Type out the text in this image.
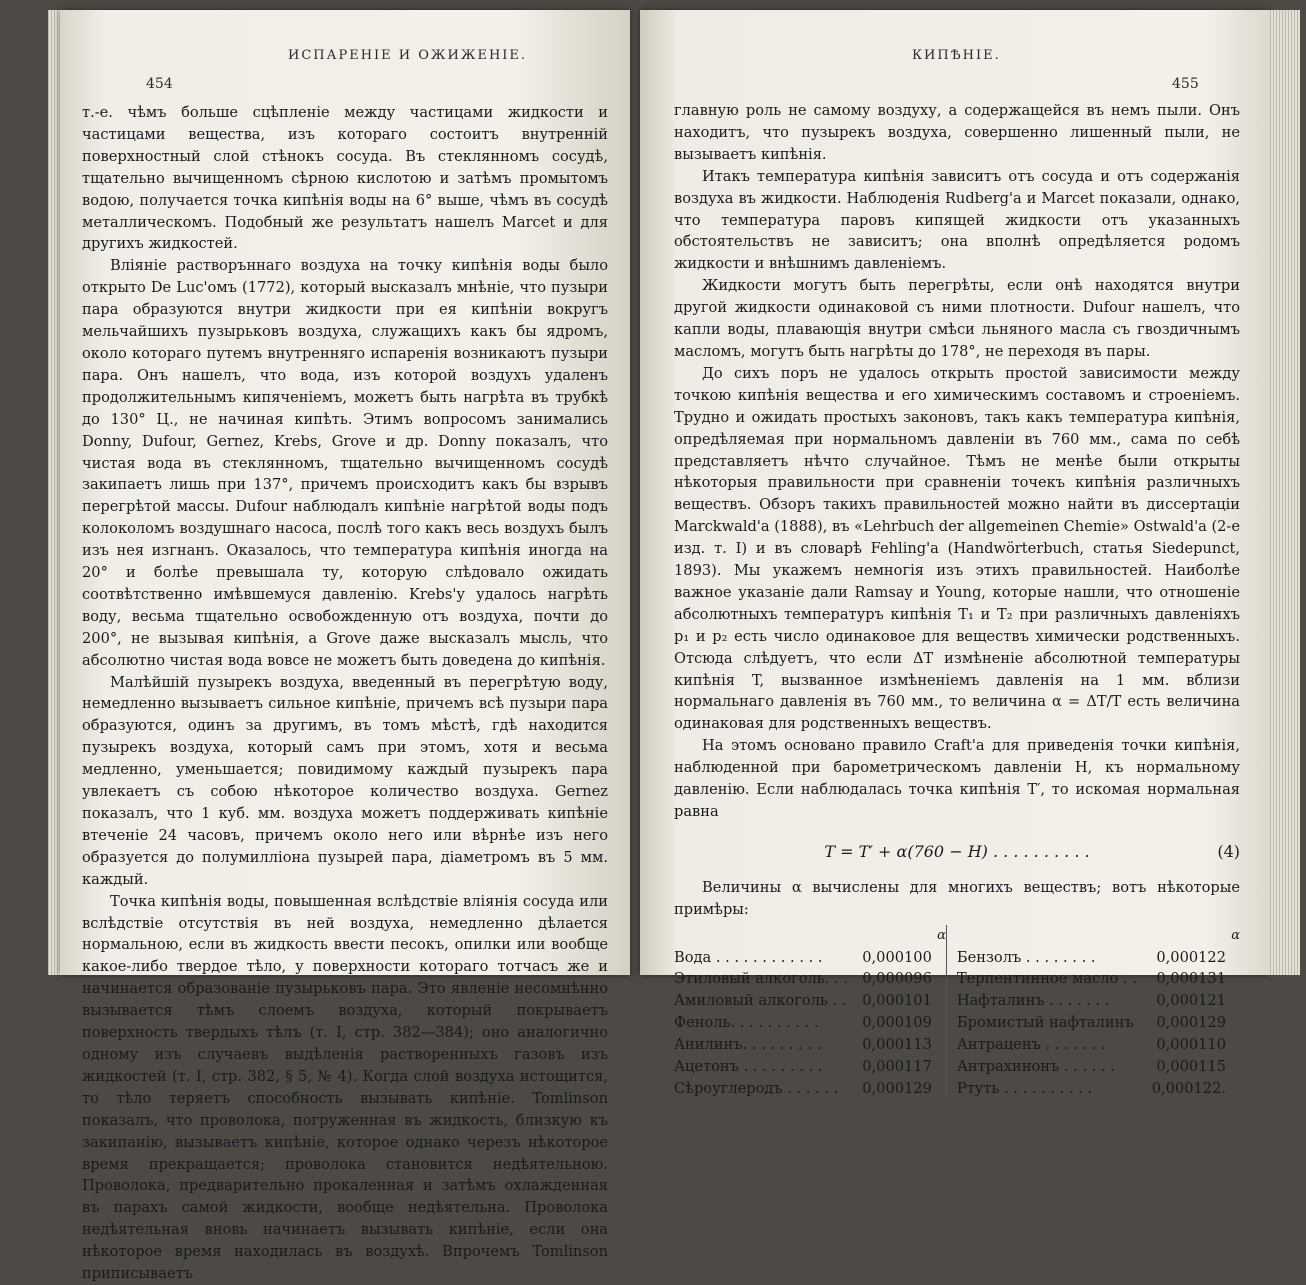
ИСПАРЕНІЕ И ОЖИЖЕНІЕ.
454

т.-е. чѣмъ больше сцѣпленіе между частицами жидкости и частицами вещества, изъ котораго состоитъ внутренній поверхностный слой стѣнокъ сосуда. Въ стеклянномъ сосудѣ, тщательно вычищенномъ сѣрною кислотою и затѣмъ промытомъ водою, получается точка кипѣнія воды на 6° выше, чѣмъ въ сосудѣ металлическомъ. Подобный же результатъ нашелъ Marcet и для другихъ жидкостей.

Вліяніе растворъннаго воздуха на точку кипѣнія воды было открыто De Luc'омъ (1772), который высказалъ мнѣніе, что пузыри пара образуются внутри жидкости при ея кипѣніи вокругъ мельчайшихъ пузырьковъ воздуха, служащихъ какъ бы ядромъ, около котораго путемъ внутренняго испаренія возникаютъ пузыри пара. Онъ нашелъ, что вода, изъ которой воздухъ удаленъ продолжительнымъ кипяченіемъ, можетъ быть нагрѣта въ трубкѣ до 130° Ц., не начиная кипѣть. Этимъ вопросомъ занимались Donny, Dufour, Gernez, Krebs, Grove и др. Donny показалъ, что чистая вода въ стеклянномъ, тщательно вычищенномъ сосудѣ закипаетъ лишь при 137°, причемъ происходитъ какъ бы взрывъ перегрѣтой массы. Dufour наблюдалъ кипѣніе нагрѣтой воды подъ колоколомъ воздушнаго насоса, послѣ того какъ весь воздухъ былъ изъ нея изгнанъ. Оказалось, что температура кипѣнія иногда на 20° и болѣе превышала ту, которую слѣдовало ожидать соотвѣтственно имѣвшемуся давленію. Krebs'у удалось нагрѣть воду, весьма тщательно освобожденную отъ воздуха, почти до 200°, не вызывая кипѣнія, а Grove даже высказалъ мысль, что абсолютно чистая вода вовсе не можетъ быть доведена до кипѣнія.

Малѣйшій пузырекъ воздуха, введенный въ перегрѣтую воду, немедленно вызываетъ сильное кипѣніе, причемъ всѣ пузыри пара образуются, одинъ за другимъ, въ томъ мѣстѣ, гдѣ находится пузырекъ воздуха, который самъ при этомъ, хотя и весьма медленно, уменьшается; повидимому каждый пузырекъ пара увлекаетъ съ собою нѣкоторое количество воздуха. Gernez показалъ, что 1 куб. мм. воздуха можетъ поддерживать кипѣніе втеченіе 24 часовъ, причемъ около него или вѣрнѣе изъ него образуется до полумилліона пузырей пара, діаметромъ въ 5 мм. каждый.

Точка кипѣнія воды, повышенная вслѣдствіе вліянія сосуда или вслѣдствіе отсутствія въ ней воздуха, немедленно дѣлается нормальною, если въ жидкость ввести песокъ, опилки или вообще какое-либо твердое тѣло, у поверхности котораго тотчасъ же и начинается образованіе пузырьковъ пара. Это явленіе несомнѣнно вызывается тѣмъ слоемъ воздуха, который покрываетъ поверхность твердыхъ тѣлъ (т. I, стр. 382—384); оно аналогично одному изъ случаевъ выдѣленія растворенныхъ газовъ изъ жидкостей (т. I, стр. 382, § 5, № 4). Когда слой воздуха истощится, то тѣло теряетъ способность вызывать кипѣніе. Tomlinson показалъ, что проволока, погруженная въ жидкость, близкую къ закипанію, вызываетъ кипѣніе, которое однако черезъ нѣкоторое время прекращается; проволока становится недѣятельною. Проволока, предварительно прокаленная и затѣмъ охлажденная въ парахъ самой жидкости, вообще недѣятельна. Проволока недѣятельная вновь начинаетъ вызывать кипѣніе, если она нѣкоторое время находилась въ воздухѣ. Впрочемъ Tomlinson приписываетъ

КИПѢНІЕ.
455

главную роль не самому воздуху, а содержащейся въ немъ пыли. Онъ находитъ, что пузырекъ воздуха, совершенно лишенный пыли, не вызываетъ кипѣнія.

Итакъ температура кипѣнія зависитъ отъ сосуда и отъ содержанія воздуха въ жидкости. Наблюденія Rudberg'а и Marcet показали, однако, что температура паровъ кипящей жидкости отъ указанныхъ обстоятельствъ не зависитъ; она вполнѣ опредѣляется родомъ жидкости и внѣшнимъ давленіемъ.

Жидкости могутъ быть перегрѣты, если онѣ находятся внутри другой жидкости одинаковой съ ними плотности. Dufour нашелъ, что капли воды, плавающія внутри смѣси льняного масла съ гвоздичнымъ масломъ, могутъ быть нагрѣты до 178°, не переходя въ пары.

До сихъ поръ не удалось открыть простой зависимости между точкою кипѣнія вещества и его химическимъ составомъ и строеніемъ. Трудно и ожидать простыхъ законовъ, такъ какъ температура кипѣнія, опредѣляемая при нормальномъ давленіи въ 760 мм., сама по себѣ представляетъ нѣчто случайное. Тѣмъ не менѣе были открыты нѣкоторыя правильности при сравненіи точекъ кипѣнія различныхъ веществъ. Обзоръ такихъ правильностей можно найти въ диссертаціи Marckwald'а (1888), въ «Lehrbuch der allgemeinen Chemie» Ostwald'а (2-е изд. т. I) и въ словарѣ Fehling'а (Handwörterbuch, статья Siedepunct, 1893). Мы укажемъ немногія изъ этихъ правильностей. Наиболѣе важное указаніе дали Ramsay и Young, которые нашли, что отношеніе абсолютныхъ температуръ кипѣнія T₁ и T₂ при различныхъ давленіяхъ p₁ и p₂ есть число одинаковое для веществъ химически родственныхъ. Отсюда слѣдуетъ, что если ΔT измѣненіе абсолютной температуры кипѣнія T, вызванное измѣненіемъ давленія на 1 мм. вблизи нормальнаго давленія въ 760 мм., то величина α = ΔT/T есть величина одинаковая для родственныхъ веществъ.

На этомъ основано правило Craft'а для приведенія точки кипѣнія, наблюденной при барометрическомъ давленіи H, къ нормальному давленію. Если наблюдалась точка кипѣнія T′, то искомая нормальная равна

T = T′ + α(760 − H) . . . . . . . . . .	(4)

Величины α вычислены для многихъ веществъ; вотъ нѣкоторые примѣры:

	α			α
Вода . . . . . . . . . . . .	0,000100		Бензолъ . . . . . . . .	0,000122
Этиловый алкоголь. . .	0,000096		Терпентинное масло . .	0,000131
Амиловый алкоголь . .	0,000101		Нафталинъ . . . . . . .	0,000121
Феноль. . . . . . . . . .	0,000109		Бромистый нафталинъ	0,000129
Анилинъ. . . . . . . . .	0,000113		Антраценъ . . . . . . .	0,000110
Ацетонъ . . . . . . . . .	0,000117		Антрахинонъ . . . . . .	0,000115
Сѣроуглеродъ . . . . . .	0,000129		Ртуть . . . . . . . . . .	0,000122.
